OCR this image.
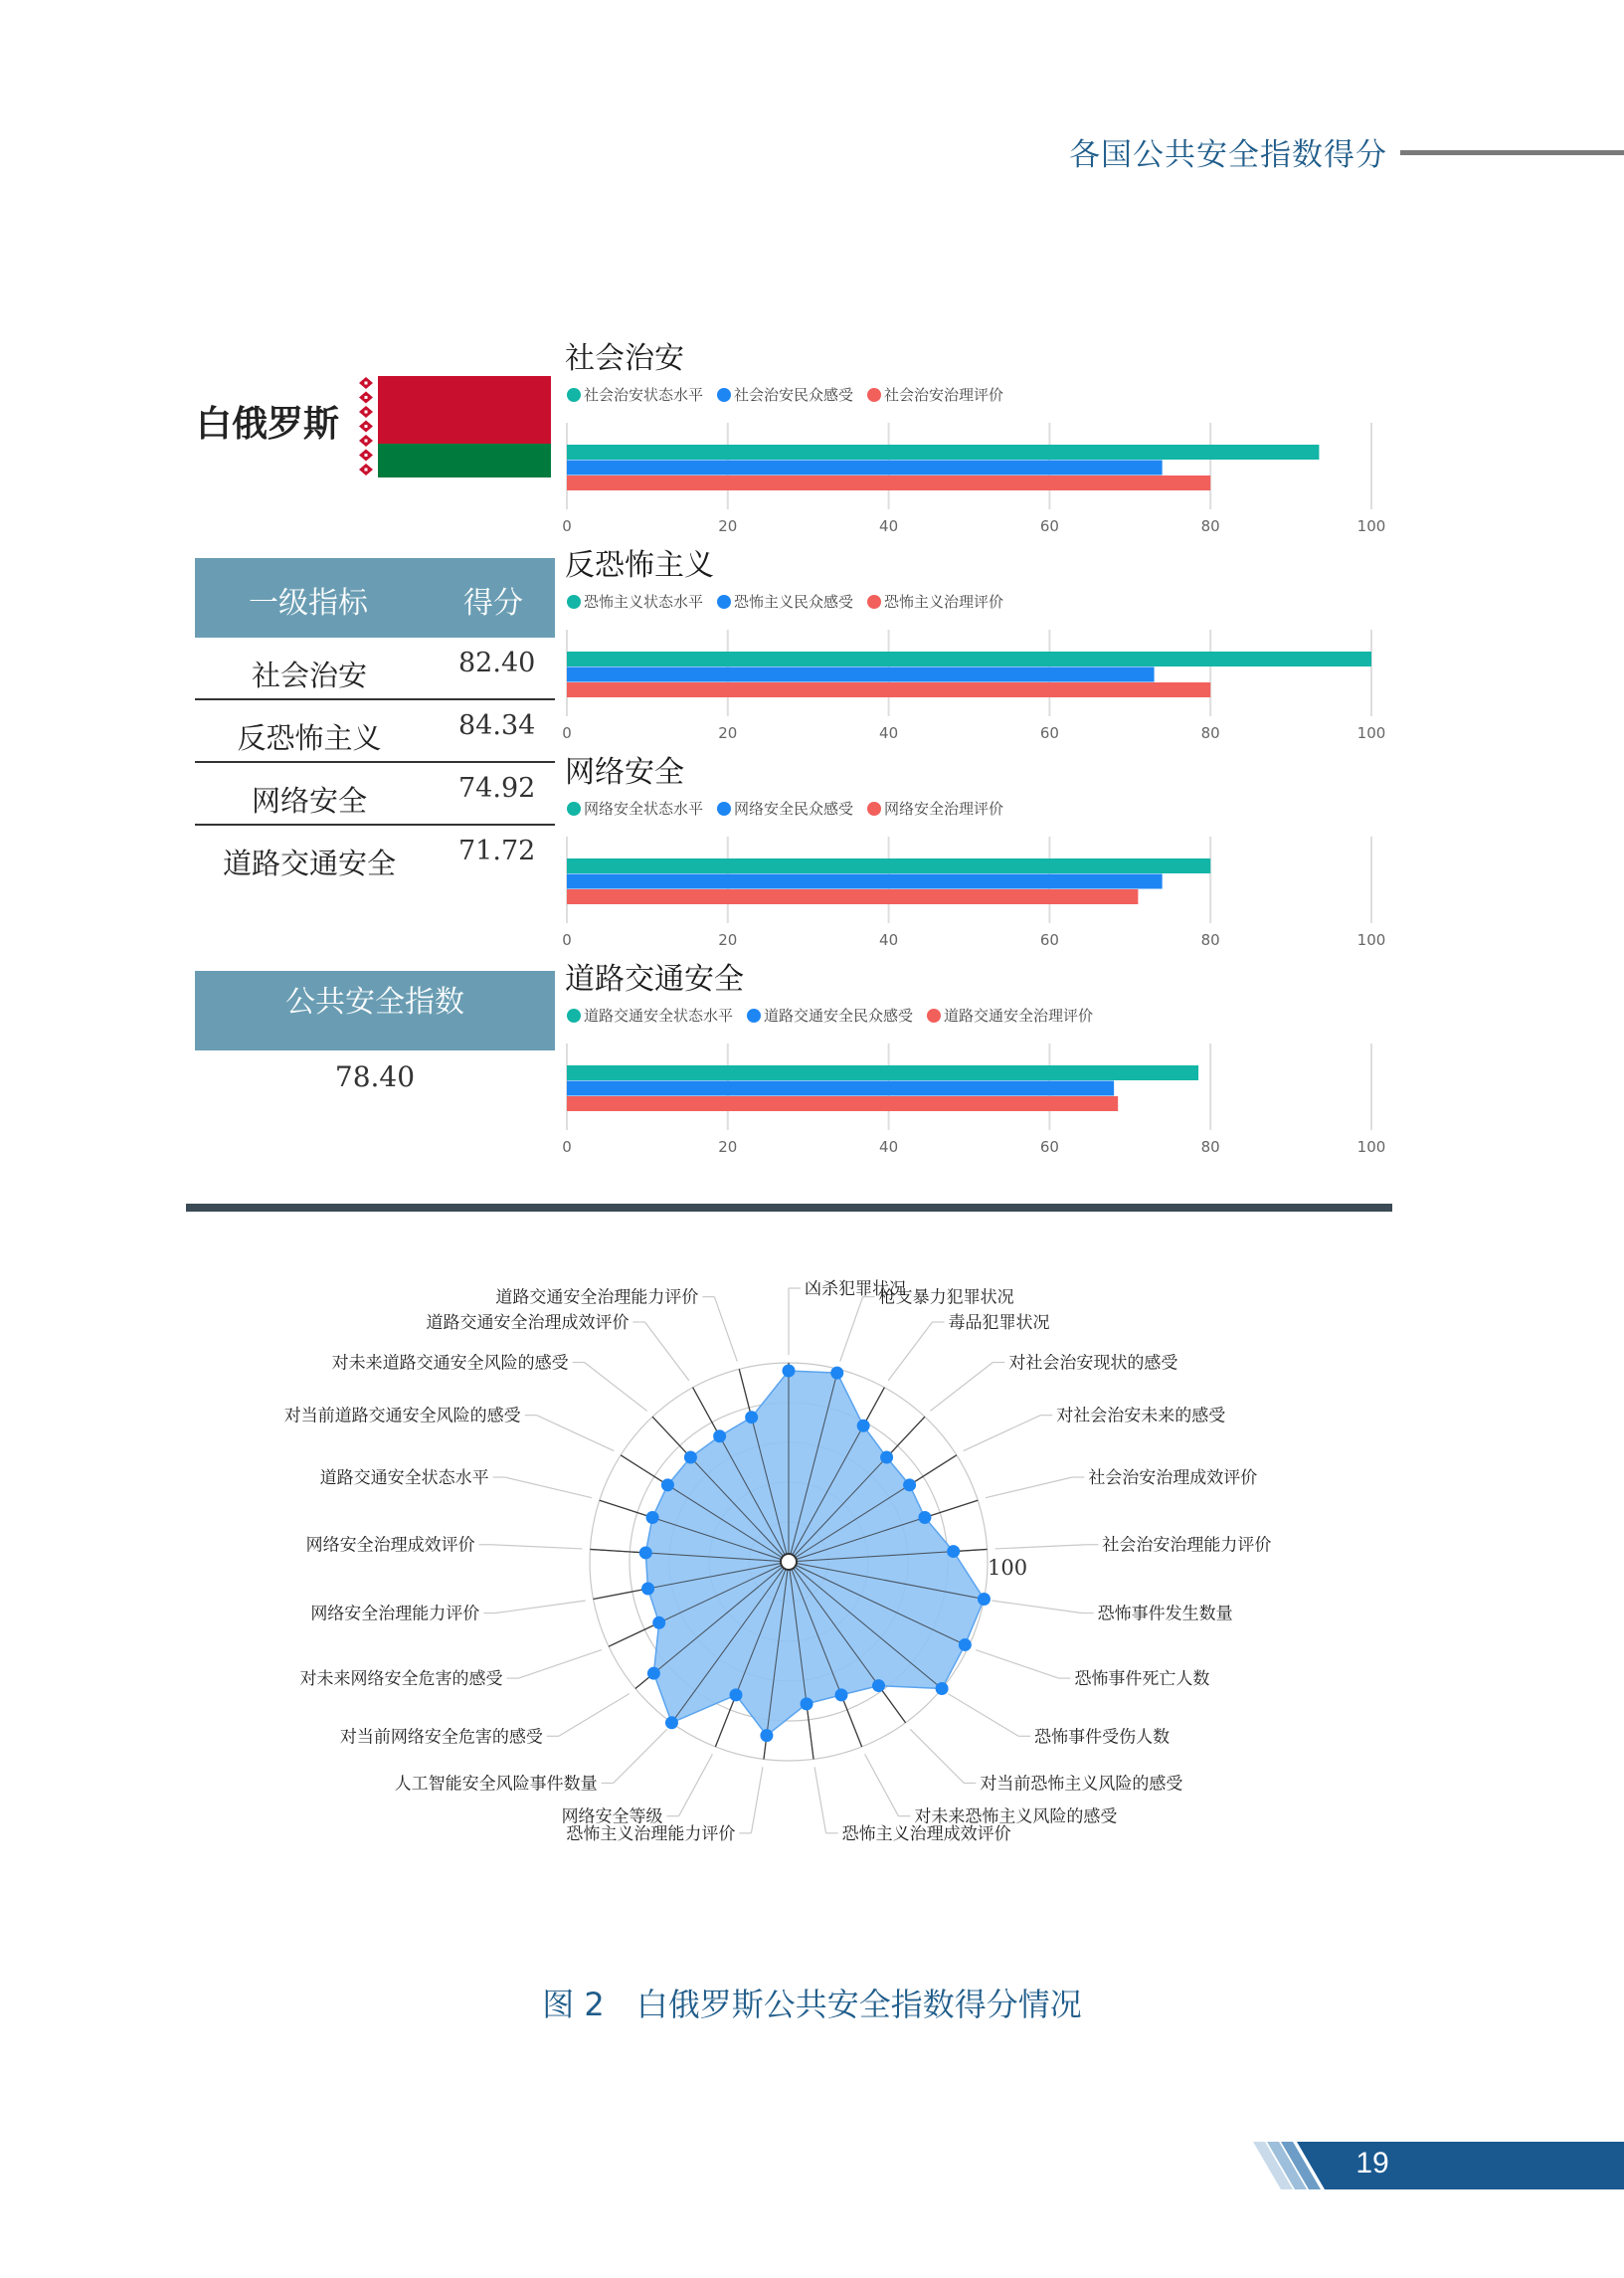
各国公共安全指数得分
白俄罗斯
一级指标	得分
社会治安	82.40
反恐怖主义	84.34
网络安全	74.92
道路交通安全	71.72
公共安全指数
78.40
社会治安
社会治安状态水平 社会治安民众感受 社会治安治理评价
0	20	40	60	80	100
反恐怖主义
恐怖主义状态水平 恐怖主义民众感受 恐怖主义治理评价
0	20	40	60	80	100
网络安全
网络安全状态水平 网络安全民众感受 网络安全治理评价
0	20	40	60	80	100
道路交通安全
道路交通安全状态水平 道路交通安全民众感受 道路交通安全治理评价
0	20	40	60	80	100
100
凶杀犯罪状况
枪支暴力犯罪状况
毒品犯罪状况
对社会治安现状的感受
对社会治安未来的感受
社会治安治理成效评价
社会治安治理能力评价
恐怖事件发生数量
恐怖事件死亡人数
恐怖事件受伤人数
对当前恐怖主义风险的感受
对未来恐怖主义风险的感受
恐怖主义治理成效评价
恐怖主义治理能力评价
网络安全等级
人工智能安全风险事件数量
对当前网络安全危害的感受
对未来网络安全危害的感受
网络安全治理能力评价
网络安全治理成效评价
道路交通安全状态水平
对当前道路交通安全风险的感受
对未来道路交通安全风险的感受
道路交通安全治理成效评价
道路交通安全治理能力评价
图 2　白俄罗斯公共安全指数得分情况
19
